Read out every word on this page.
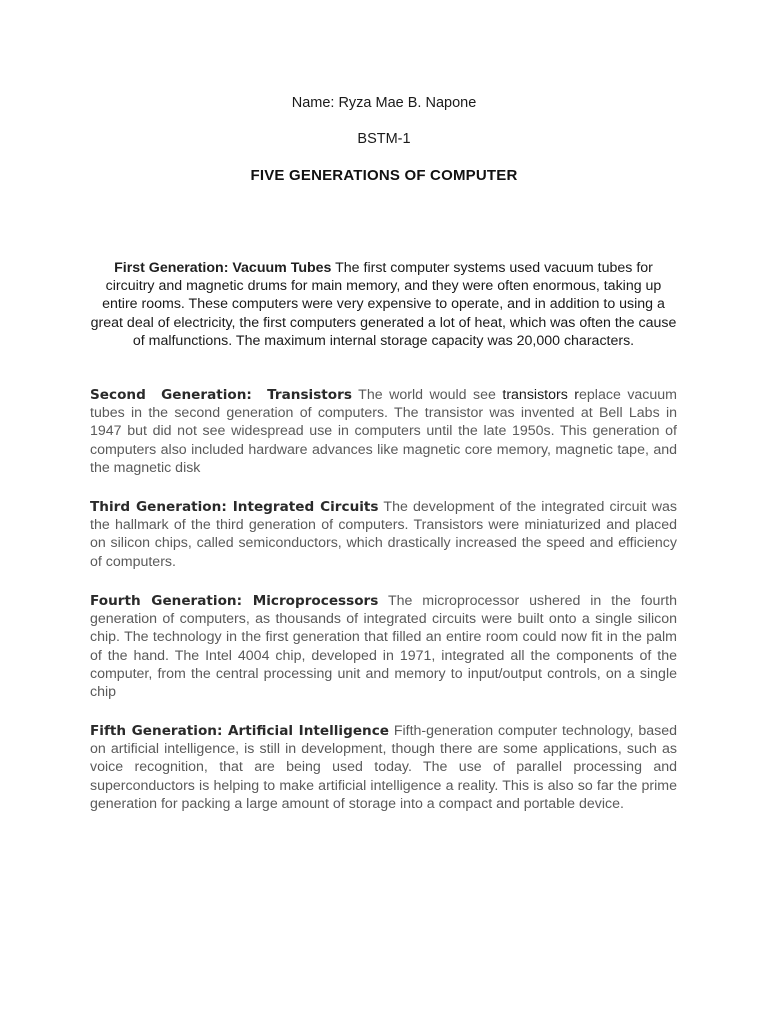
Name: Ryza Mae B. Napone
BSTM-1
FIVE GENERATIONS OF COMPUTER

First Generation: Vacuum Tubes The first computer systems used vacuum tubes for circuitry and magnetic drums for main memory, and they were often enormous, taking up entire rooms. These computers were very expensive to operate, and in addition to using a great deal of electricity, the first computers generated a lot of heat, which was often the cause of malfunctions. The maximum internal storage capacity was 20,000 characters.

Second Generation: Transistors The world would see transistors replace vacuum tubes in the second generation of computers. The transistor was invented at Bell Labs in 1947 but did not see widespread use in computers until the late 1950s. This generation of computers also included hardware advances like magnetic core memory, magnetic tape, and the magnetic disk

Third Generation: Integrated Circuits The development of the integrated circuit was the hallmark of the third generation of computers. Transistors were miniaturized and placed on silicon chips, called semiconductors, which drastically increased the speed and efficiency of computers.

Fourth Generation: Microprocessors The microprocessor ushered in the fourth generation of computers, as thousands of integrated circuits were built onto a single silicon chip. The technology in the first generation that filled an entire room could now fit in the palm of the hand. The Intel 4004 chip, developed in 1971, integrated all the components of the computer, from the central processing unit and memory to input/output controls, on a single chip

Fifth Generation: Artificial Intelligence Fifth-generation computer technology, based on artificial intelligence, is still in development, though there are some applications, such as voice recognition, that are being used today. The use of parallel processing and superconductors is helping to make artificial intelligence a reality. This is also so far the prime generation for packing a large amount of storage into a compact and portable device.
